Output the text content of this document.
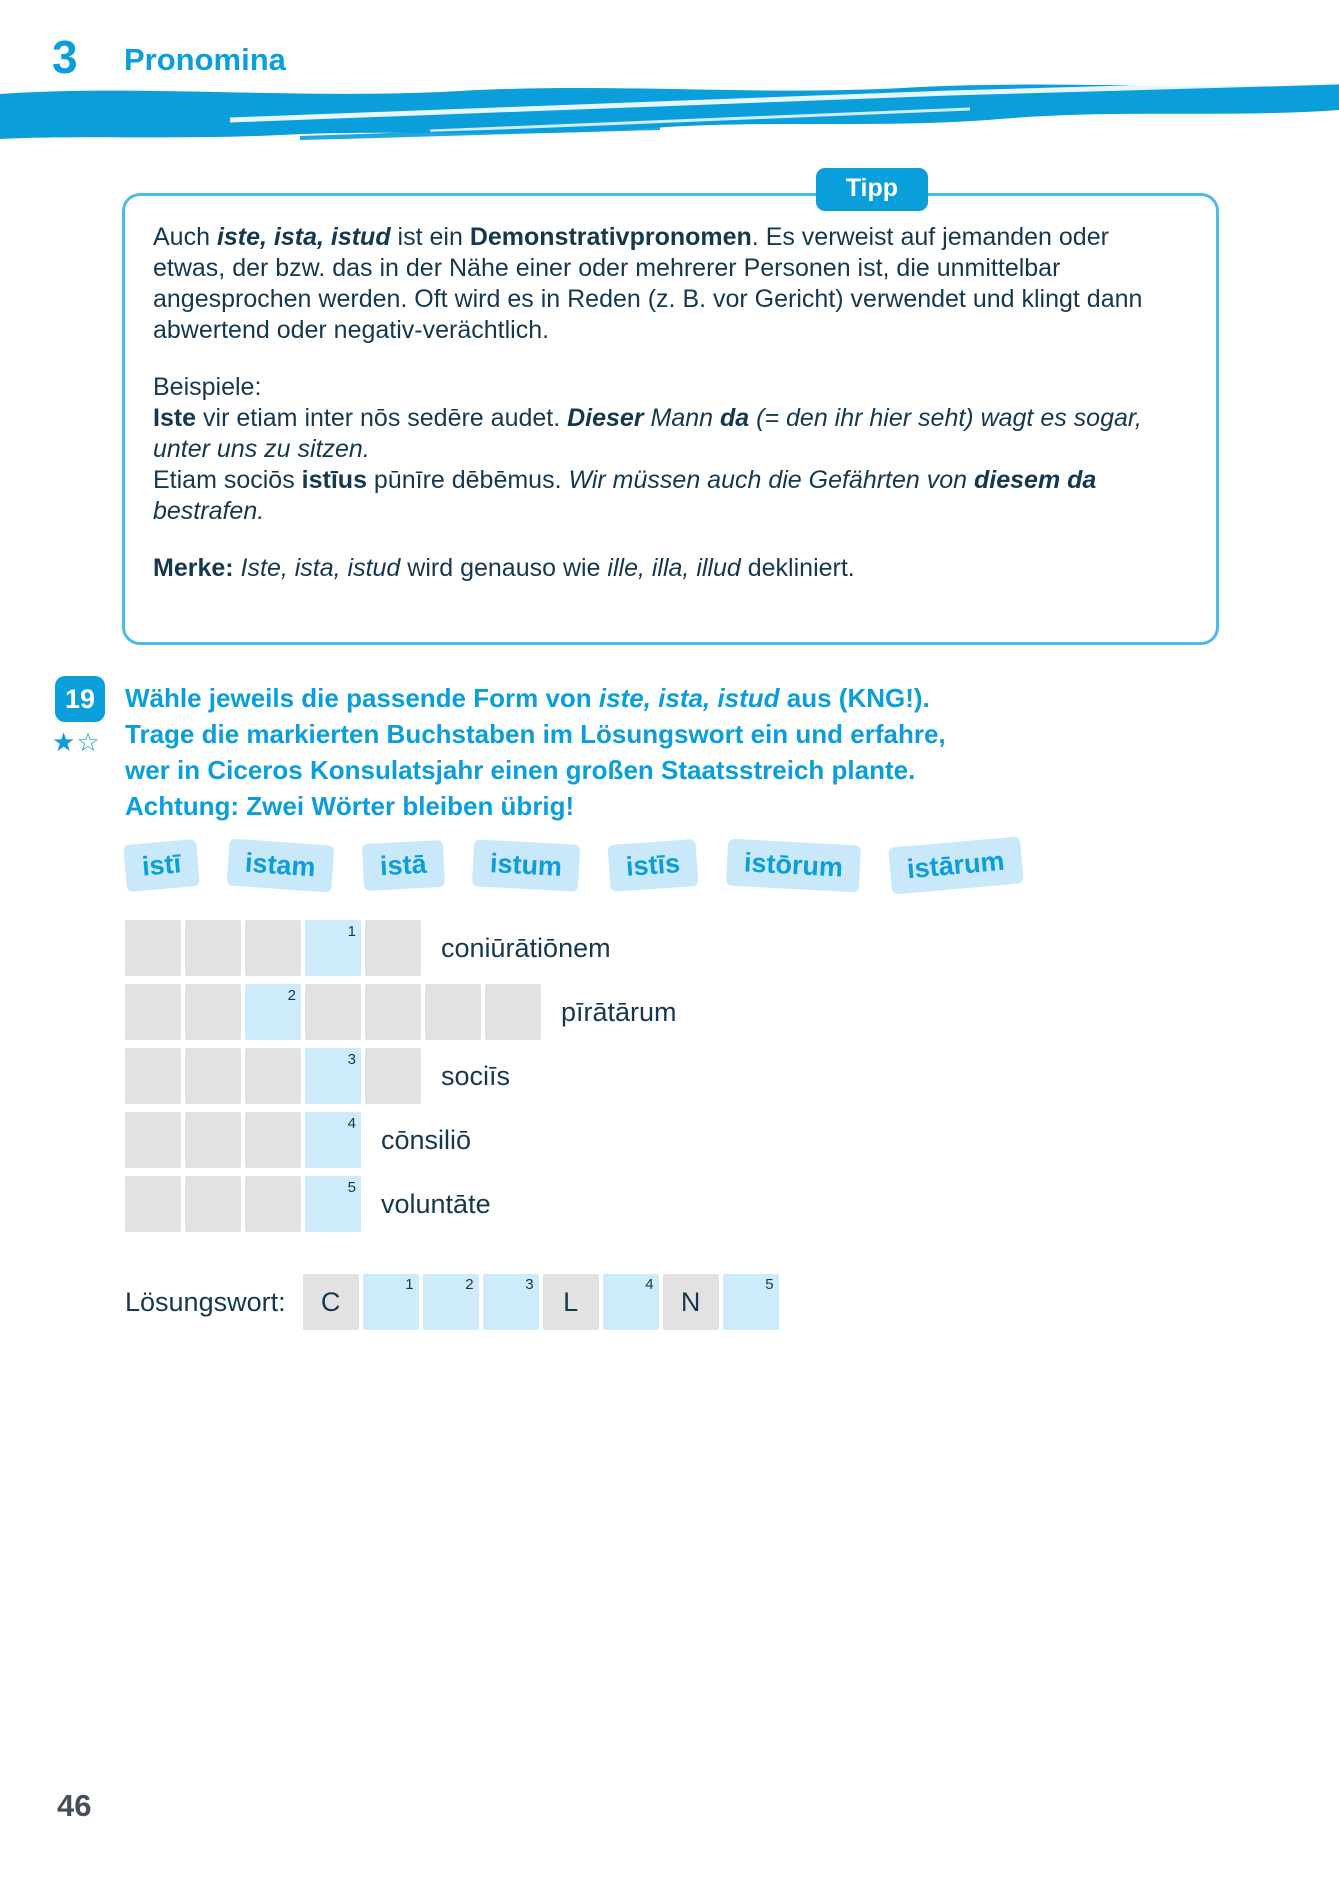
3 Pronomina
Tipp

Auch iste, ista, istud ist ein Demonstrativpronomen. Es verweist auf jemanden oder etwas, der bzw. das in der Nähe einer oder mehrerer Personen ist, die unmittelbar angesprochen werden. Oft wird es in Reden (z. B. vor Gericht) verwendet und klingt dann abwertend oder negativ-verächtlich.

Beispiele:

Iste vir etiam inter nōs sedēre audet. Dieser Mann da (= den ihr hier seht) wagt es sogar, unter uns zu sitzen.

Etiam sociōs istīus pūnīre dēbēmus. Wir müssen auch die Gefährten von diesem da bestrafen.

Merke: Iste, ista, istud wird genauso wie ille, illa, illud dekliniert.

19
★☆

Wähle jeweils die passende Form von iste, ista, istud aus (KNG!). Trage die markierten Buchstaben im Lösungswort ein und erfahre, wer in Ciceros Konsulatsjahr einen großen Staatsstreich plante. Achtung: Zwei Wörter bleiben übrig!

istī	istam	istā	istum	istīs	istōrum	istārum
1
coniūrātiōnem
2
pīrātārum
3
sociīs
4
cōnsiliō
5
voluntāte
Lösungswort: C
1	2	3
L
4
N
5
46
